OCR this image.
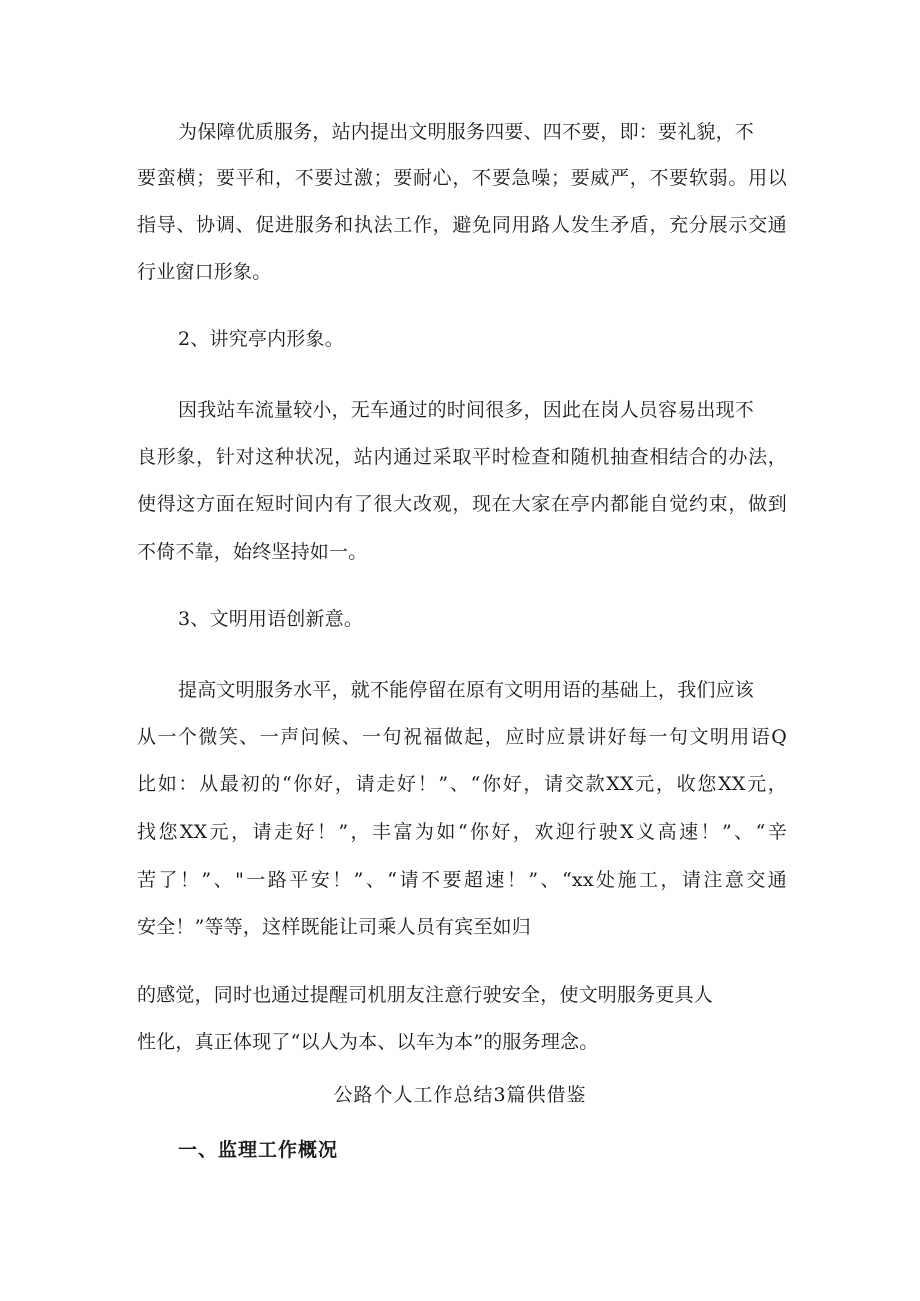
为保障优质服务，站内提出文明服务四要、四不要，即：要礼貌，不
要蛮横；要平和，不要过激；要耐心，不要急噪；要威严，不要软弱。用以
指导、协调、促进服务和执法工作，避免同用路人发生矛盾，充分展示交通
行业窗口形象。
2、讲究亭内形象。
因我站车流量较小，无车通过的时间很多，因此在岗人员容易出现不
良形象，针对这种状况，站内通过采取平时检查和随机抽查相结合的办法，
使得这方面在短时间内有了很大改观，现在大家在亭内都能自觉约束，做到
不倚不靠，始终坚持如一。
3、文明用语创新意。
提高文明服务水平，就不能停留在原有文明用语的基础上，我们应该
从一个微笑、一声问候、一句祝福做起，应时应景讲好每一句文明用语Q
比如：从最初的“你好，请走好！”、“你好，请交款XX元，收您XX元，
找您XX元，请走好！”，丰富为如“你好，欢迎行驶X义高速！”、“辛
苦了！”、"一路平安！”、“请不要超速！”、“xx处施工，请注意交通
安全！”等等，这样既能让司乘人员有宾至如归
的感觉，同时也通过提醒司机朋友注意行驶安全，使文明服务更具人
性化，真正体现了“以人为本、以车为本”的服务理念。
公路个人工作总结3篇供借鉴
一、监理工作概况
